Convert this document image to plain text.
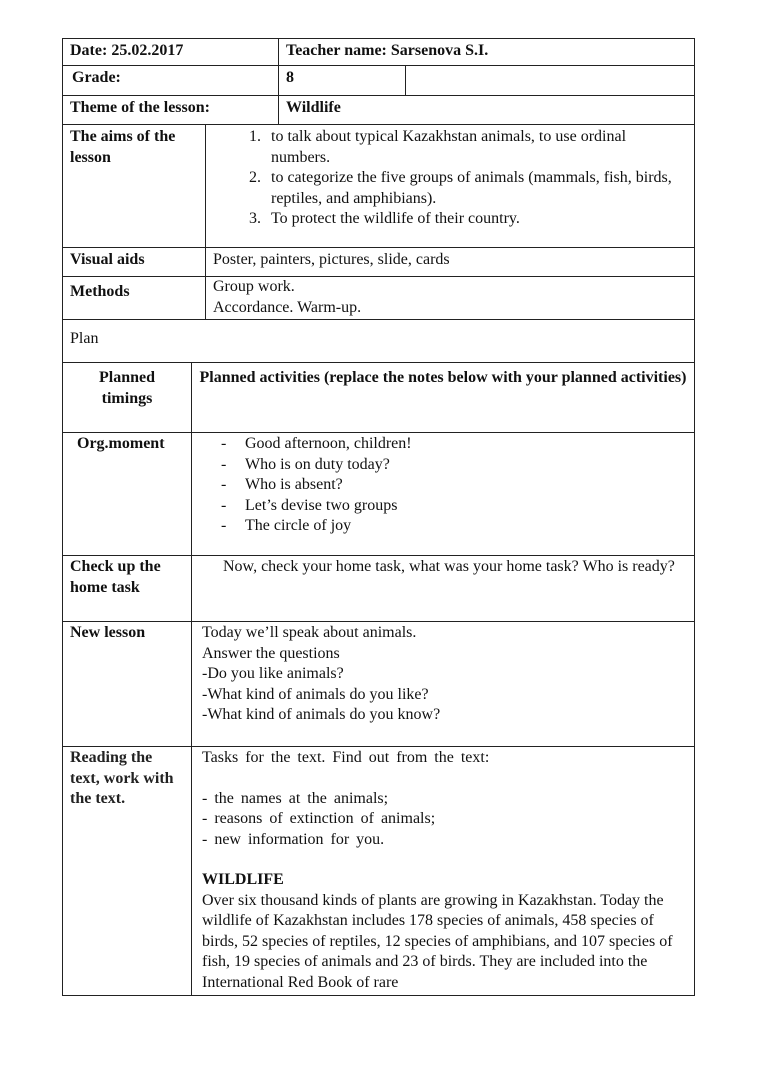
Date: 25.02.2017	Teacher name: Sarsenova S.I.
Grade:	8
Theme of the lesson:	Wildlife
The aims of the lesson
1. to talk about typical Kazakhstan animals, to use ordinal numbers.
2. to categorize the five groups of animals (mammals, fish, birds, reptiles, and amphibians).
3. To protect the wildlife of their country.
Visual aids	Poster, painters, pictures, slide, cards
Methods	Group work.

Accordance. Warm-up.

Plan
Planned timings
Planned activities (replace the notes below with your planned activities)
Org.moment
-	Good afternoon, children!
- Who is on duty today?
- Who is absent?
- Let’s devise two groups
- The circle of joy
Check up the home task
Now, check your home task, what was your home task? Who is ready?
New lesson	Today we’ll speak about animals.

Answer the questions

-Do you like animals?

-What kind of animals do you like?

-What kind of animals do you know?

Reading the text, work with the text.

Tasks for the text. Find out from the text:

- the names at the animals;

- reasons of extinction of animals;

- new information for you.

WILDLIFE

Over six thousand kinds of plants are growing in Kazakhstan. Today the wildlife of Kazakhstan includes 178 species of animals, 458 species of birds, 52 species of reptiles, 12 species of amphibians, and 107 species of fish, 19 species of animals and 23 of birds. They are included into the International Red Book of rare
